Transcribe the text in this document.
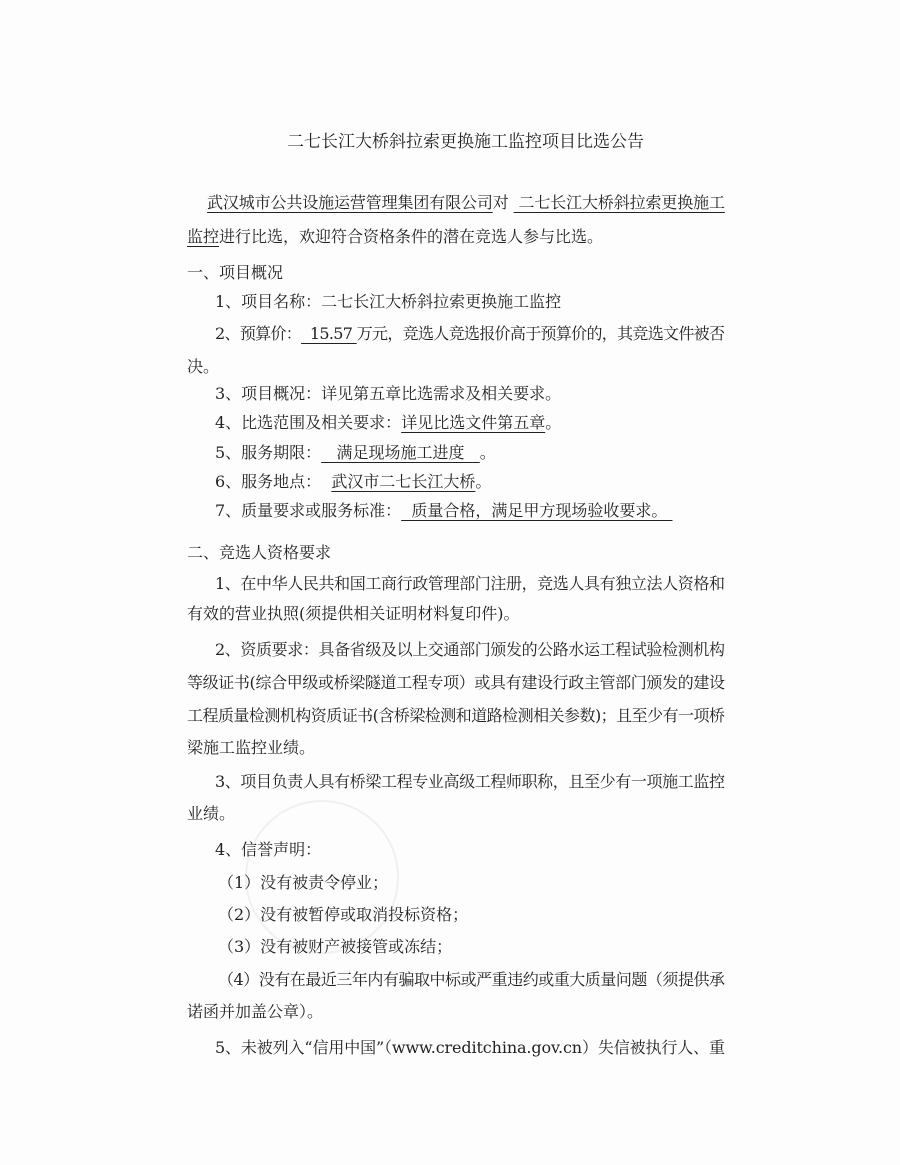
二七长江大桥斜拉索更换施工监控项目比选公告
武汉城市公共设施运营管理集团有限公司对  二七长江大桥斜拉索更换施工
监控进行比选，欢迎符合资格条件的潜在竞选人参与比选。
一、项目概况
1、项目名称：二七长江大桥斜拉索更换施工监控
2、预算价：  15.57 万元，竞选人竞选报价高于预算价的，其竞选文件被否
决。
3、项目概况：详见第五章比选需求及相关要求。
4、比选范围及相关要求：详见比选文件第五章。
5、服务期限：   满足现场施工进度   。
6、服务地点：  武汉市二七长江大桥。
7、质量要求或服务标准：  质量合格，满足甲方现场验收要求。
二、竞选人资格要求
1、在中华人民共和国工商行政管理部门注册，竞选人具有独立法人资格和
有效的营业执照(须提供相关证明材料复印件)。
2、资质要求：具备省级及以上交通部门颁发的公路水运工程试验检测机构
等级证书(综合甲级或桥梁隧道工程专项）或具有建设行政主管部门颁发的建设
工程质量检测机构资质证书(含桥梁检测和道路检测相关参数)；且至少有一项桥
梁施工监控业绩。
3、项目负责人具有桥梁工程专业高级工程师职称，且至少有一项施工监控
业绩。
4、信誉声明：
（1）没有被责令停业；
（2）没有被暂停或取消投标资格；
（3）没有被财产被接管或冻结；
（4）没有在最近三年内有骗取中标或严重违约或重大质量问题（须提供承
诺函并加盖公章）。
5、未被列入“信用中国”（www.creditchina.gov.cn）失信被执行人、重
